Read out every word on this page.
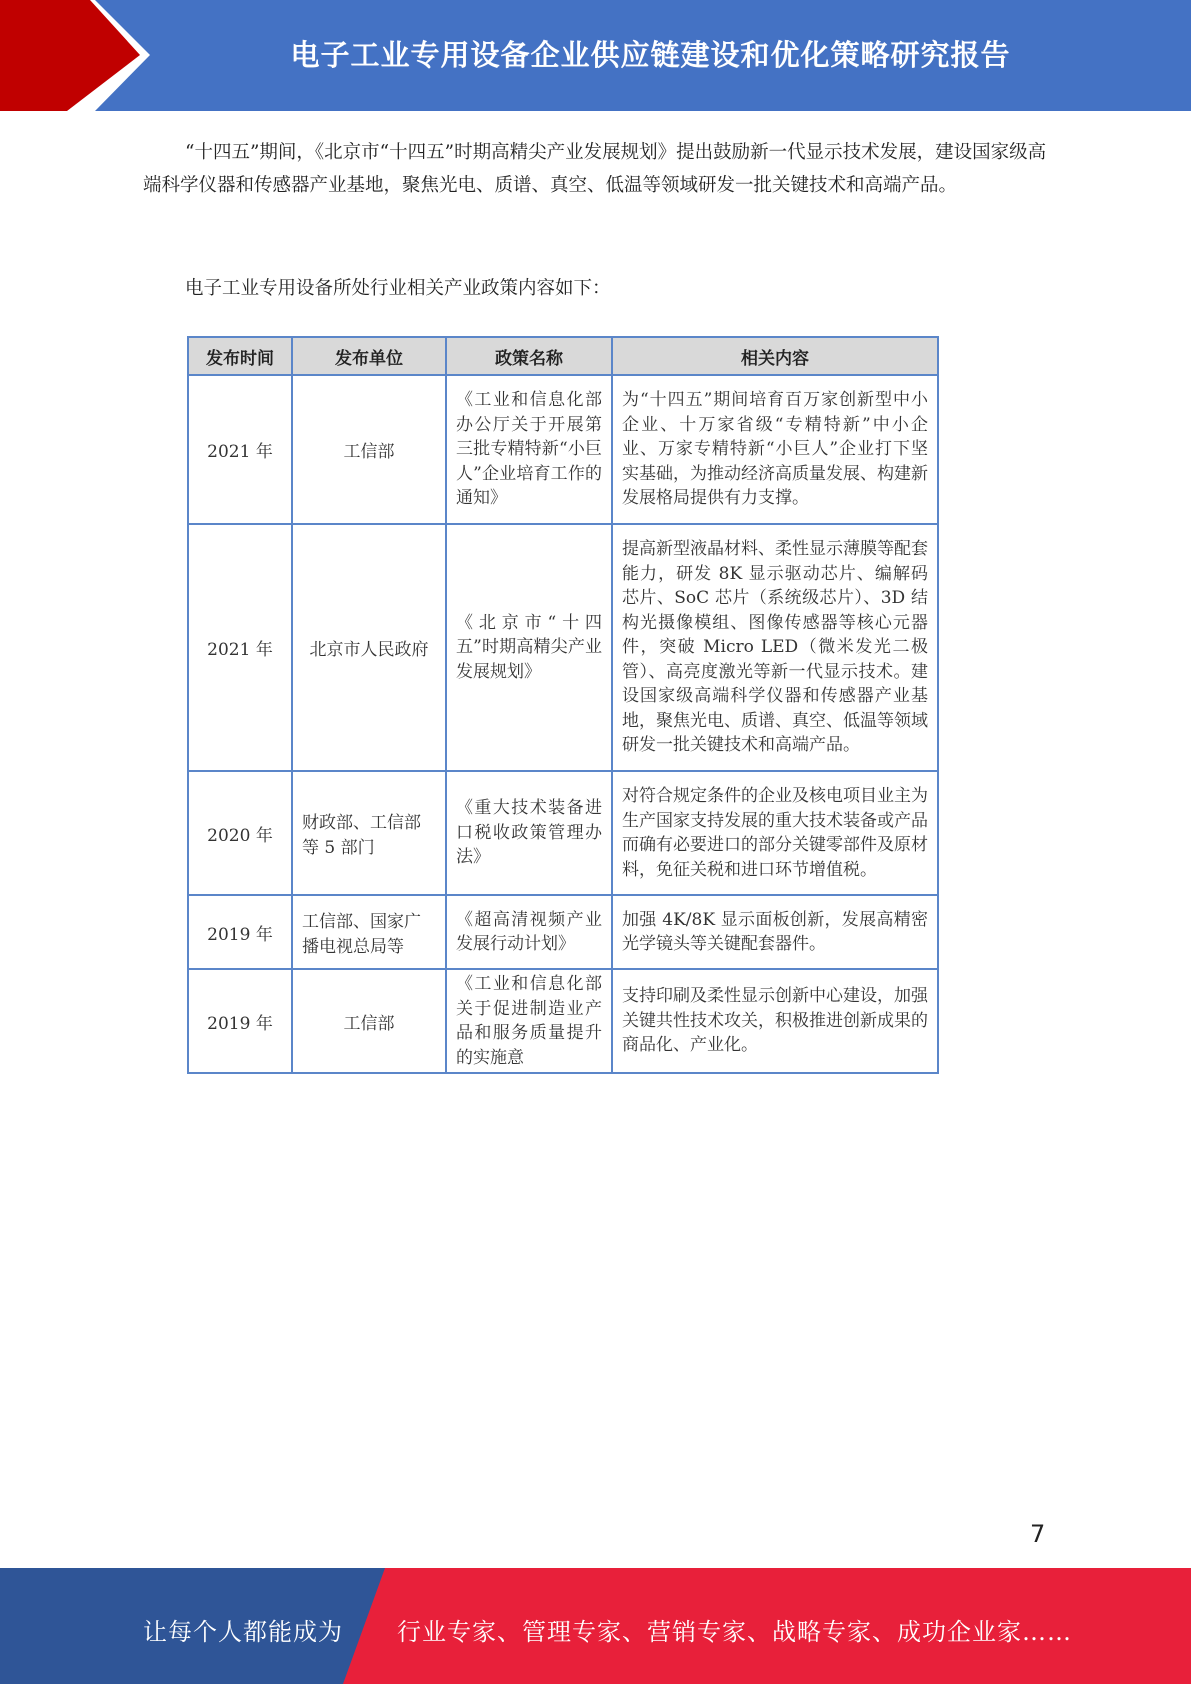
电子工业专用设备企业供应链建设和优化策略研究报告

“十四五”期间，《北京市“十四五”时期高精尖产业发展规划》提出鼓励新一代显示技术发展，建设国家级高端科学仪器和传感器产业基地，聚焦光电、质谱、真空、低温等领域研发一批关键技术和高端产品。

电子工业专用设备所处行业相关产业政策内容如下：

发布时间	发布单位	政策名称	相关内容
2021 年	工信部	《工业和信息化部办公厅关于开展第三批专精特新“小巨人”企业培育工作的通知》	为“十四五”期间培育百万家创新型中小企业、十万家省级“专精特新”中小企业、万家专精特新“小巨人”企业打下坚实基础，为推动经济高质量发展、构建新发展格局提供有力支撑。
2021 年	北京市人民政府	《北京市“十四五”时期高精尖产业发展规划》	提高新型液晶材料、柔性显示薄膜等配套能力，研发 8K 显示驱动芯片、编解码芯片、SoC 芯片（系统级芯片）、3D 结构光摄像模组、图像传感器等核心元器件，突破 Micro LED（微米发光二极管）、高亮度激光等新一代显示技术。建设国家级高端科学仪器和传感器产业基地，聚焦光电、质谱、真空、低温等领域研发一批关键技术和高端产品。
2020 年	财政部、工信部等 5 部门	《重大技术装备进口税收政策管理办法》	对符合规定条件的企业及核电项目业主为生产国家支持发展的重大技术装备或产品而确有必要进口的部分关键零部件及原材料，免征关税和进口环节增值税。
2019 年	工信部、国家广播电视总局等	《超高清视频产业发展行动计划》	加强 4K/8K 显示面板创新，发展高精密光学镜头等关键配套器件。
2019 年	工信部	《工业和信息化部关于促进制造业产品和服务质量提升的实施意	支持印刷及柔性显示创新中心建设，加强关键共性技术攻关，积极推进创新成果的商品化、产业化。
7
让每个人都能成为 行业专家、管理专家、营销专家、战略专家、成功企业家……
